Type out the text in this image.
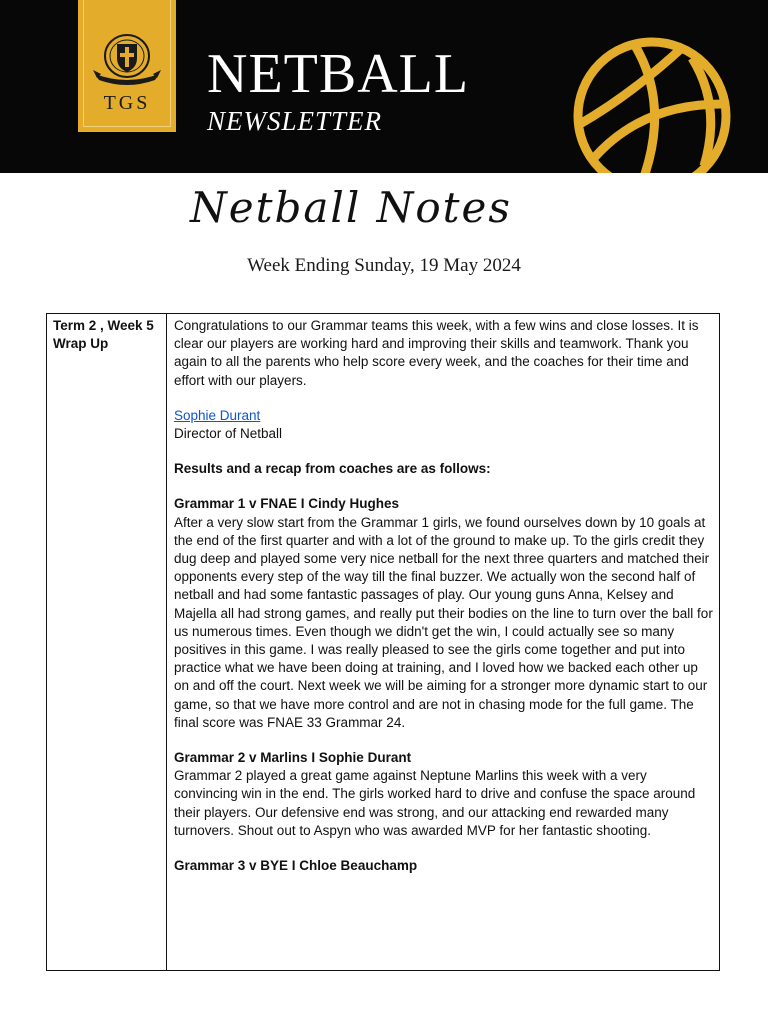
TGS	NETBALL
NEWSLETTER
Netball Notes
Week Ending Sunday, 19 May 2024
Term 2 , Week 5 Wrap Up

Congratulations to our Grammar teams this week, with a few wins and close losses. It is clear our players are working hard and improving their skills and teamwork. Thank you again to all the parents who help score every week, and the coaches for their time and effort with our players.

Sophie Durant

Director of Netball

Results and a recap from coaches are as follows:

Grammar 1 v FNAE I Cindy Hughes

After a very slow start from the Grammar 1 girls, we found ourselves down by 10 goals at the end of the first quarter and with a lot of the ground to make up. To the girls credit they dug deep and played some very nice netball for the next three quarters and matched their opponents every step of the way till the final buzzer. We actually won the second half of netball and had some fantastic passages of play. Our young guns Anna, Kelsey and Majella all had strong games, and really put their bodies on the line to turn over the ball for us numerous times. Even though we didn't get the win, I could actually see so many positives in this game. I was really pleased to see the girls come together and put into practice what we have been doing at training, and I loved how we backed each other up on and off the court. Next week we will be aiming for a stronger more dynamic start to our game, so that we have more control and are not in chasing mode for the full game. The final score was FNAE 33 Grammar 24.

Grammar 2 v Marlins I Sophie Durant

Grammar 2 played a great game against Neptune Marlins this week with a very convincing win in the end. The girls worked hard to drive and confuse the space around their players. Our defensive end was strong, and our attacking end rewarded many turnovers. Shout out to Aspyn who was awarded MVP for her fantastic shooting.

Grammar 3 v BYE I Chloe Beauchamp
